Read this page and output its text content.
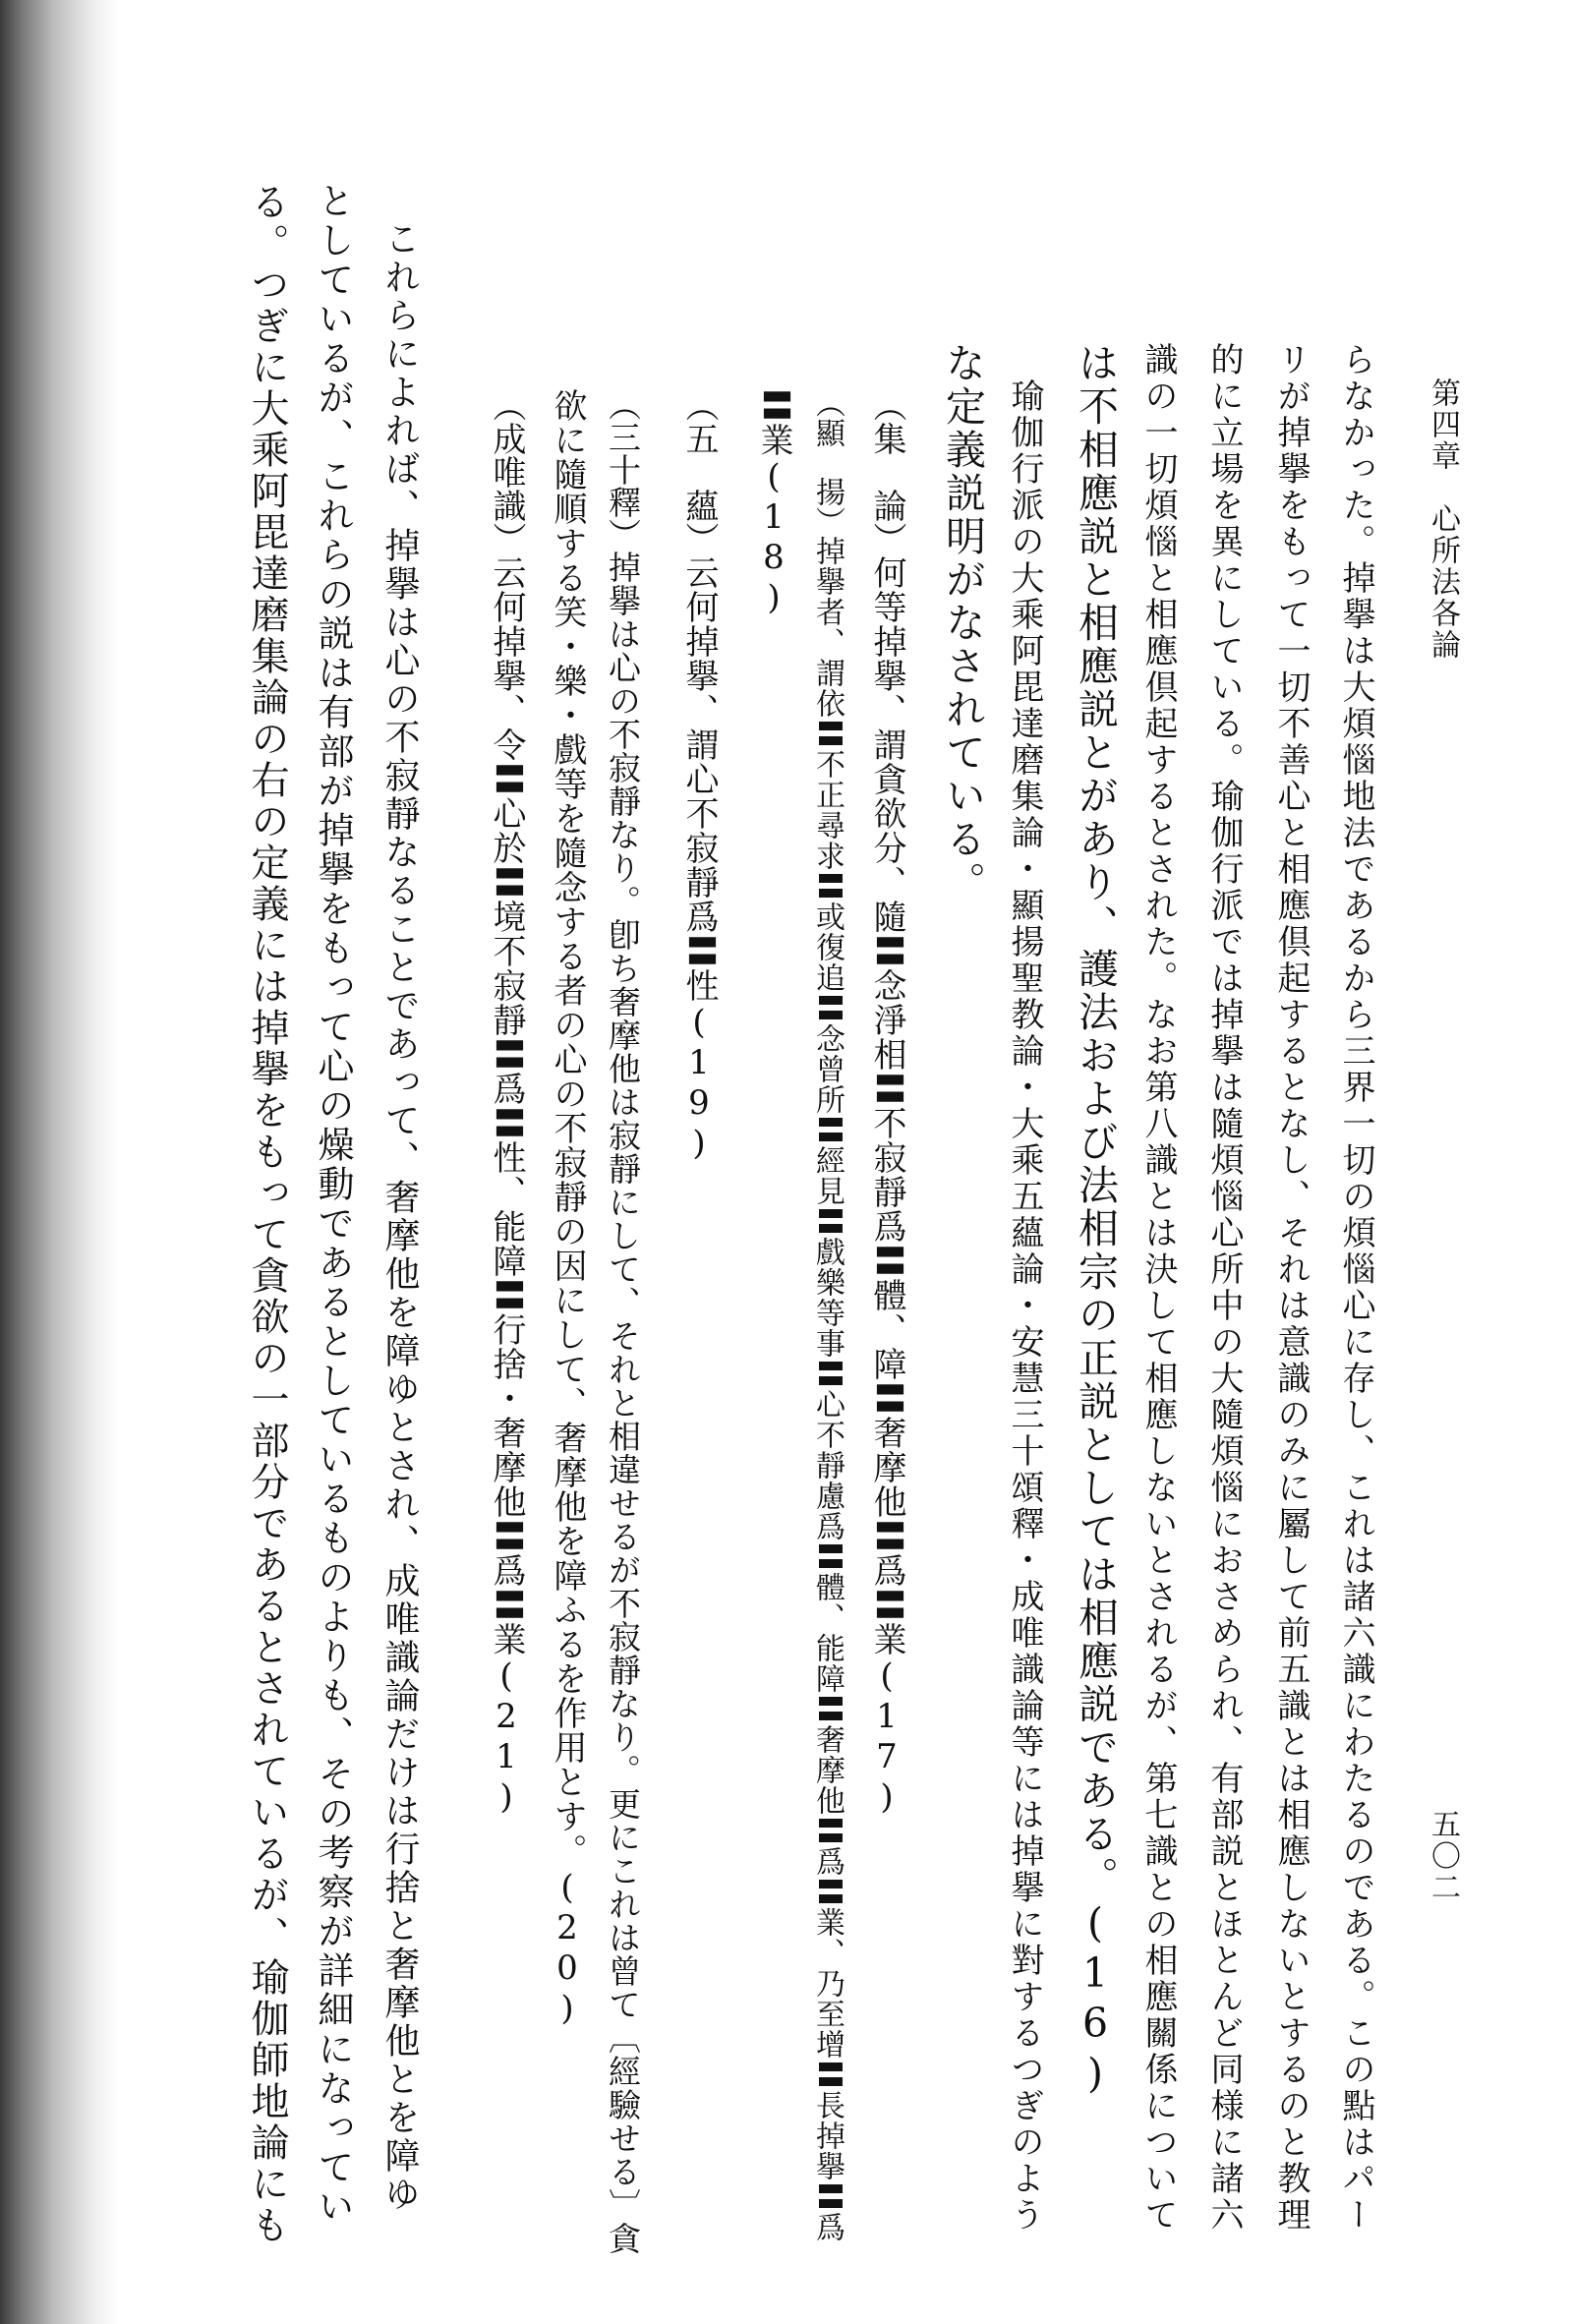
第四章　心所法各論
五〇二
らなかった。掉擧は大煩惱地法であるから三界一切の煩惱心に存し、これは諸六識にわたるのである。この點はパー
リが掉擧をもって一切不善心と相應倶起するとなし、それは意識のみに屬して前五識とは相應しないとするのと教理
的に立場を異にしている。瑜伽行派では掉擧は隨煩惱心所中の大隨煩惱におさめられ、有部説とほとんど同様に諸六
識の一切煩惱と相應倶起するとされた。なお第八識とは決して相應しないとされるが、第七識との相應關係について
は不相應説と相應説とがあり、護法および法相宗の正説としては相應説である。(16)
　瑜伽行派の大乘阿毘達磨集論・顯揚聖教論・大乘五蘊論・安慧三十頌釋・成唯識論等には掉擧に對するつぎのよう
な定義説明がなされている。
（集　論）何等掉擧、謂貪欲分、隨〓念淨相〓不寂靜爲〓體、障〓奢摩他〓爲〓業(17)
（顯　揚）掉擧者、謂依〓不正尋求〓或復追〓念曾所〓經見〓戲樂等事〓心不靜慮爲〓體、能障〓奢摩他〓爲〓業、乃至增〓長掉擧〓爲
〓業(18)
（五　蘊）云何掉擧、謂心不寂靜爲〓性(19)
（三十釋）掉擧は心の不寂靜なり。卽ち奢摩他は寂靜にして、それと相違せるが不寂靜なり。更にこれは曾て〔經驗せる〕貪
欲に隨順する笑・樂・戲等を隨念する者の心の不寂靜の因にして、奢摩他を障ふるを作用とす。(20)
（成唯識）云何掉擧、令〓心於〓境不寂靜〓爲〓性、能障〓行捨・奢摩他〓爲〓業(21)
　これらによれば、掉擧は心の不寂靜なることであって、奢摩他を障ゆとされ、成唯識論だけは行捨と奢摩他とを障ゆ
としているが、これらの説は有部が掉擧をもって心の燥動であるとしているものよりも、その考察が詳細になってい
る。つぎに大乘阿毘達磨集論の右の定義には掉擧をもって貪欲の一部分であるとされているが、瑜伽師地論にも
